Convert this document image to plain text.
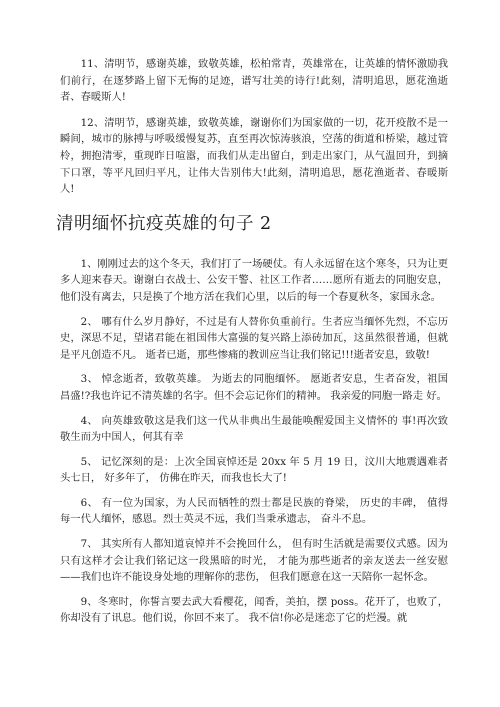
11、清明节，感谢英雄，致敬英雄，松柏常青，英雄常在，让英雄的情怀激励我们前行，在逐梦路上留下无悔的足迹，谱写壮美的诗行!此刻，清明追思，愿花渔逝者、春暖斯人!

12、清明节，感谢英雄，致敬英雄，谢谢你们为国家做的一切，花开疫散不是一瞬间，城市的脉搏与呼吸缓慢复苏，直至再次惊涛骇浪，空荡的街道和桥梁，越过管柃，拥抱清零，重现昨日喧嚣，而我们从走出留白，到走出家门，从气温回升，到摘下口罩，等平凡回归平凡，让伟大告别伟大!此刻，清明追思，愿花渔逝者、春暖斯人!

清明缅怀抗疫英雄的句子 2

1、刚刚过去的这个冬天，我们打了一场硬仗。有人永远留在这个寒冬，只为让更多人迎来春天。谢谢白衣战士、公安干警、社区工作者……愿所有逝去的同胞安息，他们没有离去，只是换了个地方活在我们心里，以后的每一个春夏秋冬，家国永念。

2、 哪有什么岁月静好，不过是有人替你负重前行。生者应当缅怀先烈，不忘历史，深思不足，望诸君能在祖国伟大富强的复兴路上添砖加瓦，这虽然很普通，但就是平凡创造不凡。 逝者已逝，那些惨痛的教训应当让我们铭记!!!逝者安息，致敬!

3、 悼念逝者，致敬英雄。 为逝去的同胞缅怀。 愿逝者安息，生者奋发，祖国 昌盛!?我也许记不清英雄的名字。但不会忘记你们的精神。 我亲爱的同胞一路走 好。

4、 向英雄致敬这是我们这一代从非典出生最能唤醒爱国主义情怀的 事!再次致 敬生而为中国人，何其有幸

5、 记忆深刻的是：上次全国哀悼还是 20xx 年 5 月 19 日，汶川大地震遇难者头七日， 好多年了， 仿佛在昨天，而我也长大了!

6、 有一位为国家，为人民而牺牲的烈士都是民族的脊梁， 历史的丰碑， 值得 每一代人缅怀，感恩。烈士英灵不远，我们当秉承遗志， 奋斗不息。

7、 其实所有人都知道哀悼并不会挽回什么， 但有时生活就是需要仪式感。因为只有这样才会让我们铭记这一段黑暗的时光， 才能为那些逝者的亲友送去一丝安慰——我们也许不能设身处地的理解你的悲伤， 但我们愿意在这一天陪你一起怀念。

9、冬寒时，你誓言要去武大看樱花，闻香，美拍，摆 poss。花开了，也败了，你却没有了讯息。他们说，你回不来了。 我不信!你必是迷恋了它的烂漫。就
